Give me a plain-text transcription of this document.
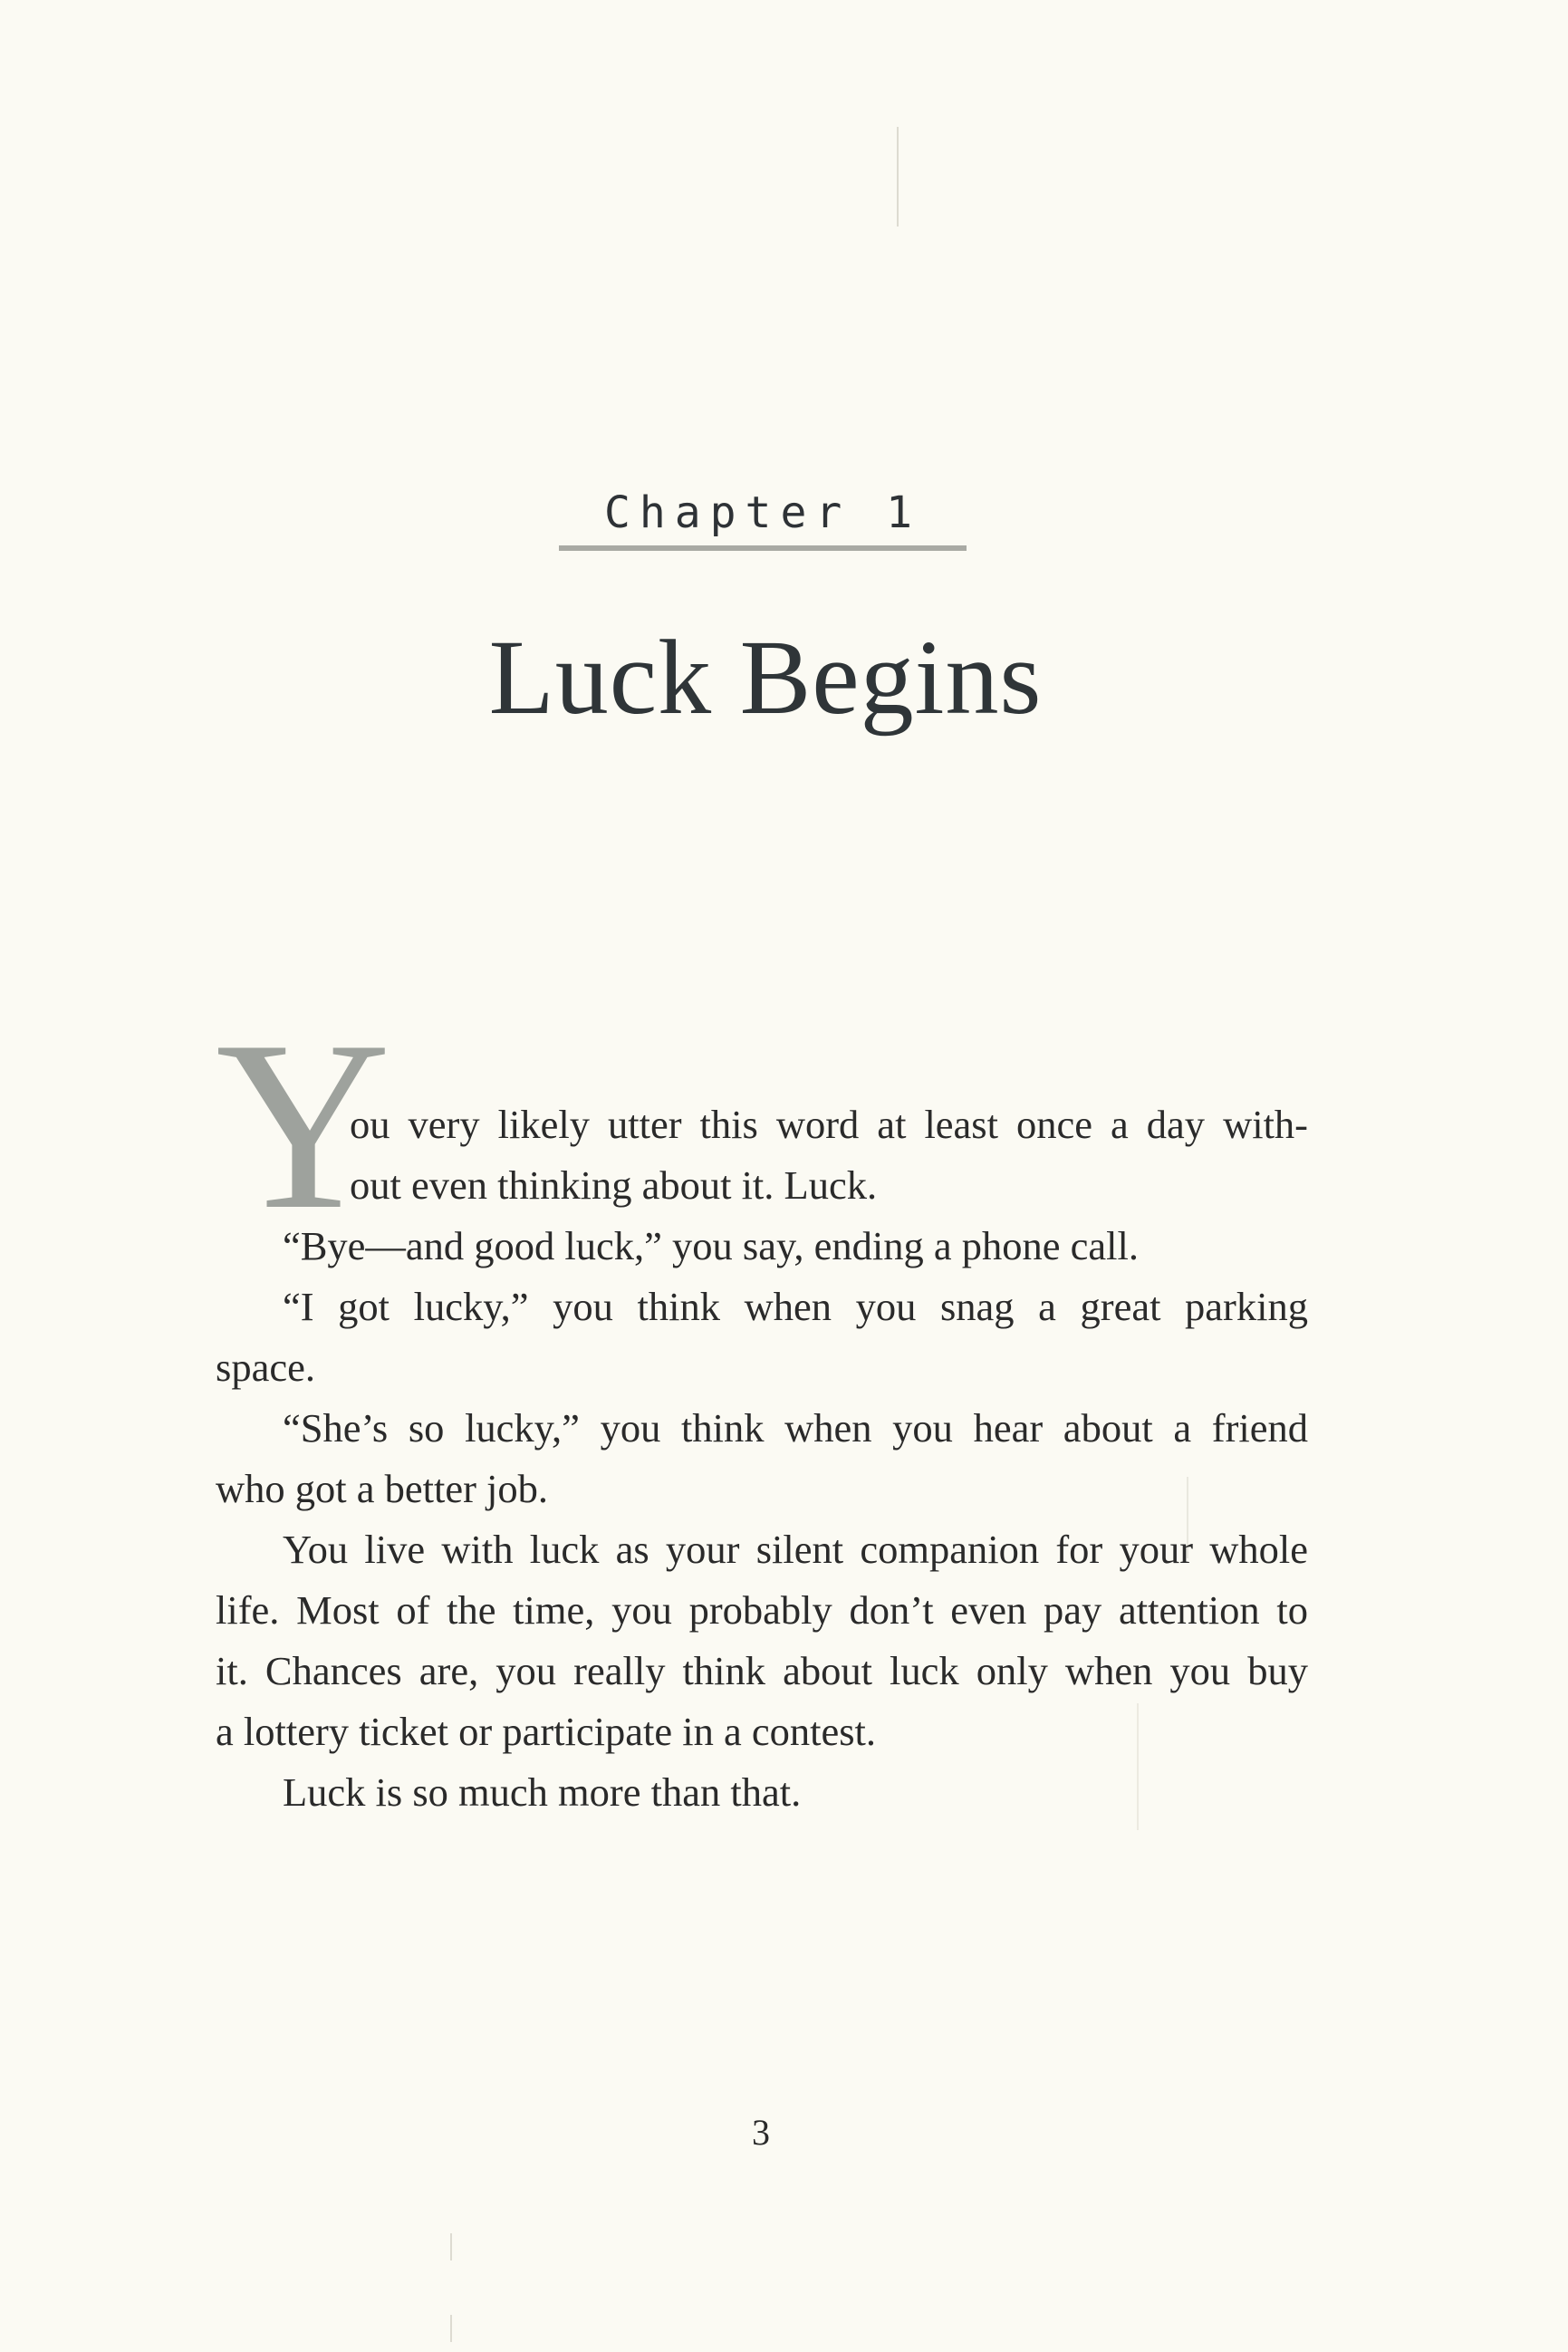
Chapter 1
Luck Begins
Y
ou very likely utter this word at least once a day with-
out even thinking about it. Luck.
“Bye—and good luck,” you say, ending a phone call.
“I got lucky,” you think when you snag a great parking
space.
“She’s so lucky,” you think when you hear about a friend
who got a better job.
You live with luck as your silent companion for your whole
life. Most of the time, you probably don’t even pay attention to
it. Chances are, you really think about luck only when you buy
a lottery ticket or participate in a contest.
Luck is so much more than that.
3
